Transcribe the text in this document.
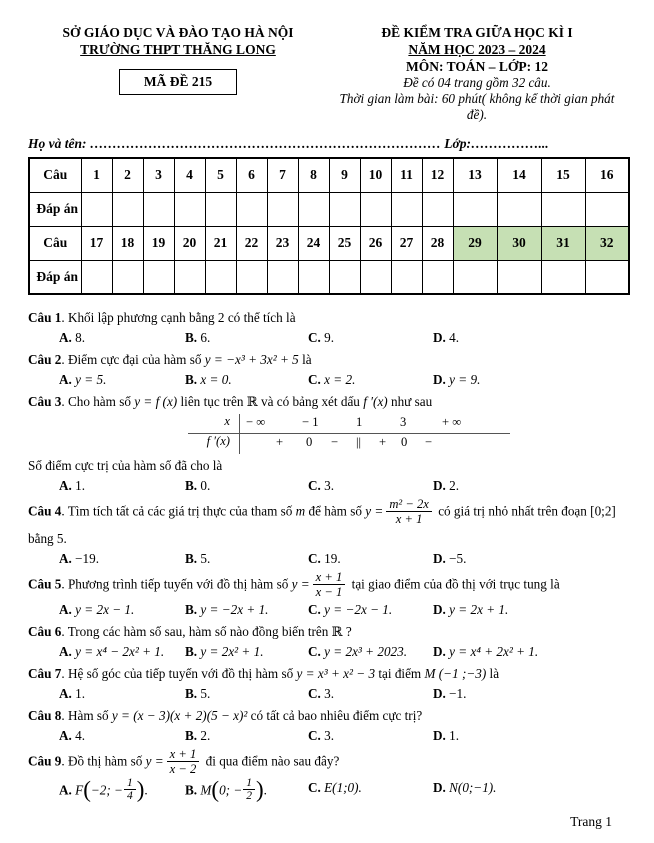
SỞ GIÁO DỤC VÀ ĐÀO TẠO HÀ NỘI
TRƯỜNG THPT THĂNG LONG
MÃ ĐỀ 215
ĐỀ KIỂM TRA GIỮA HỌC KÌ I
NĂM HỌC 2023 – 2024
MÔN: TOÁN – LỚP: 12
Đề có 04 trang gồm 32 câu.
Thời gian làm bài: 60 phút( không kể thời gian phát đề).
Họ và tên: …………………………………………………………………… Lớp:……………...
Câu	1	2	3	4	5	6	7	8	9	10	11	12	13	14	15	16
Đáp án																
Câu	17	18	19	20	21	22	23	24	25	26	27	28	29	30	31	32
Đáp án																
Câu 1. Khối lập phương cạnh bằng 2 có thể tích là
A. 8.	B. 6.	C. 9.	D. 4.
Câu 2. Điểm cực đại của hàm số y = −x³ + 3x² + 5 là
A. y = 5.	B. x = 0.	C. x = 2.	D. y = 9.
Câu 3. Cho hàm số y = f (x) liên tục trên ℝ và có bảng xét dấu f ′(x) như sau
x − ∞	− 1	1	3	+ ∞
f ′(x)	+ 0 − || + 0 −
Số điểm cực trị của hàm số đã cho là
A. 1.	B. 0.	C. 3.	D. 2.
Câu 4. Tìm tích tất cả các giá trị thực của tham số m để hàm số $y = \frac{\text{m² − 2x}}{x + 1}$ có giá trị nhỏ nhất trên đoạn [0;2]
bằng 5.
A. −19.	B. 5.	C. 19.	D. −5.
Câu 5. Phương trình tiếp tuyến với đồ thị hàm số $y = \frac{x + 1}{x - 1}$ tại giao điểm của đồ thị với trục tung là
A. y = 2x − 1.	B. y = −2x + 1.	C. y = −2x − 1.	D. y = 2x + 1.
Câu 6. Trong các hàm số sau, hàm số nào đồng biến trên ℝ ?
A. y = x⁴ − 2x² + 1.	B. y = 2x² + 1.	C. y = 2x³ + 2023.	D. y = x⁴ + 2x² + 1.
Câu 7. Hệ số góc của tiếp tuyến với đồ thị hàm số y = x³ + x² − 3 tại điểm M (−1 ;−3) là
A. 1.	B. 5.	C. 3.	D. −1.
Câu 8. Hàm số y = (x − 3)(x + 2)(5 − x)² có tất cả bao nhiêu điểm cực trị?
A. 4.	B. 2.	C. 3.	D. 1.
Câu 9. Đồ thị hàm số $y = \frac{x + 1}{x - 2}$ đi qua điểm nào sau đây?
A. F(−2; − $\frac{1}{4}$ ).	B. M(0; − $\frac{1}{2}$ ).	C. E(1;0).	D. N(0;−1).
Trang 1
